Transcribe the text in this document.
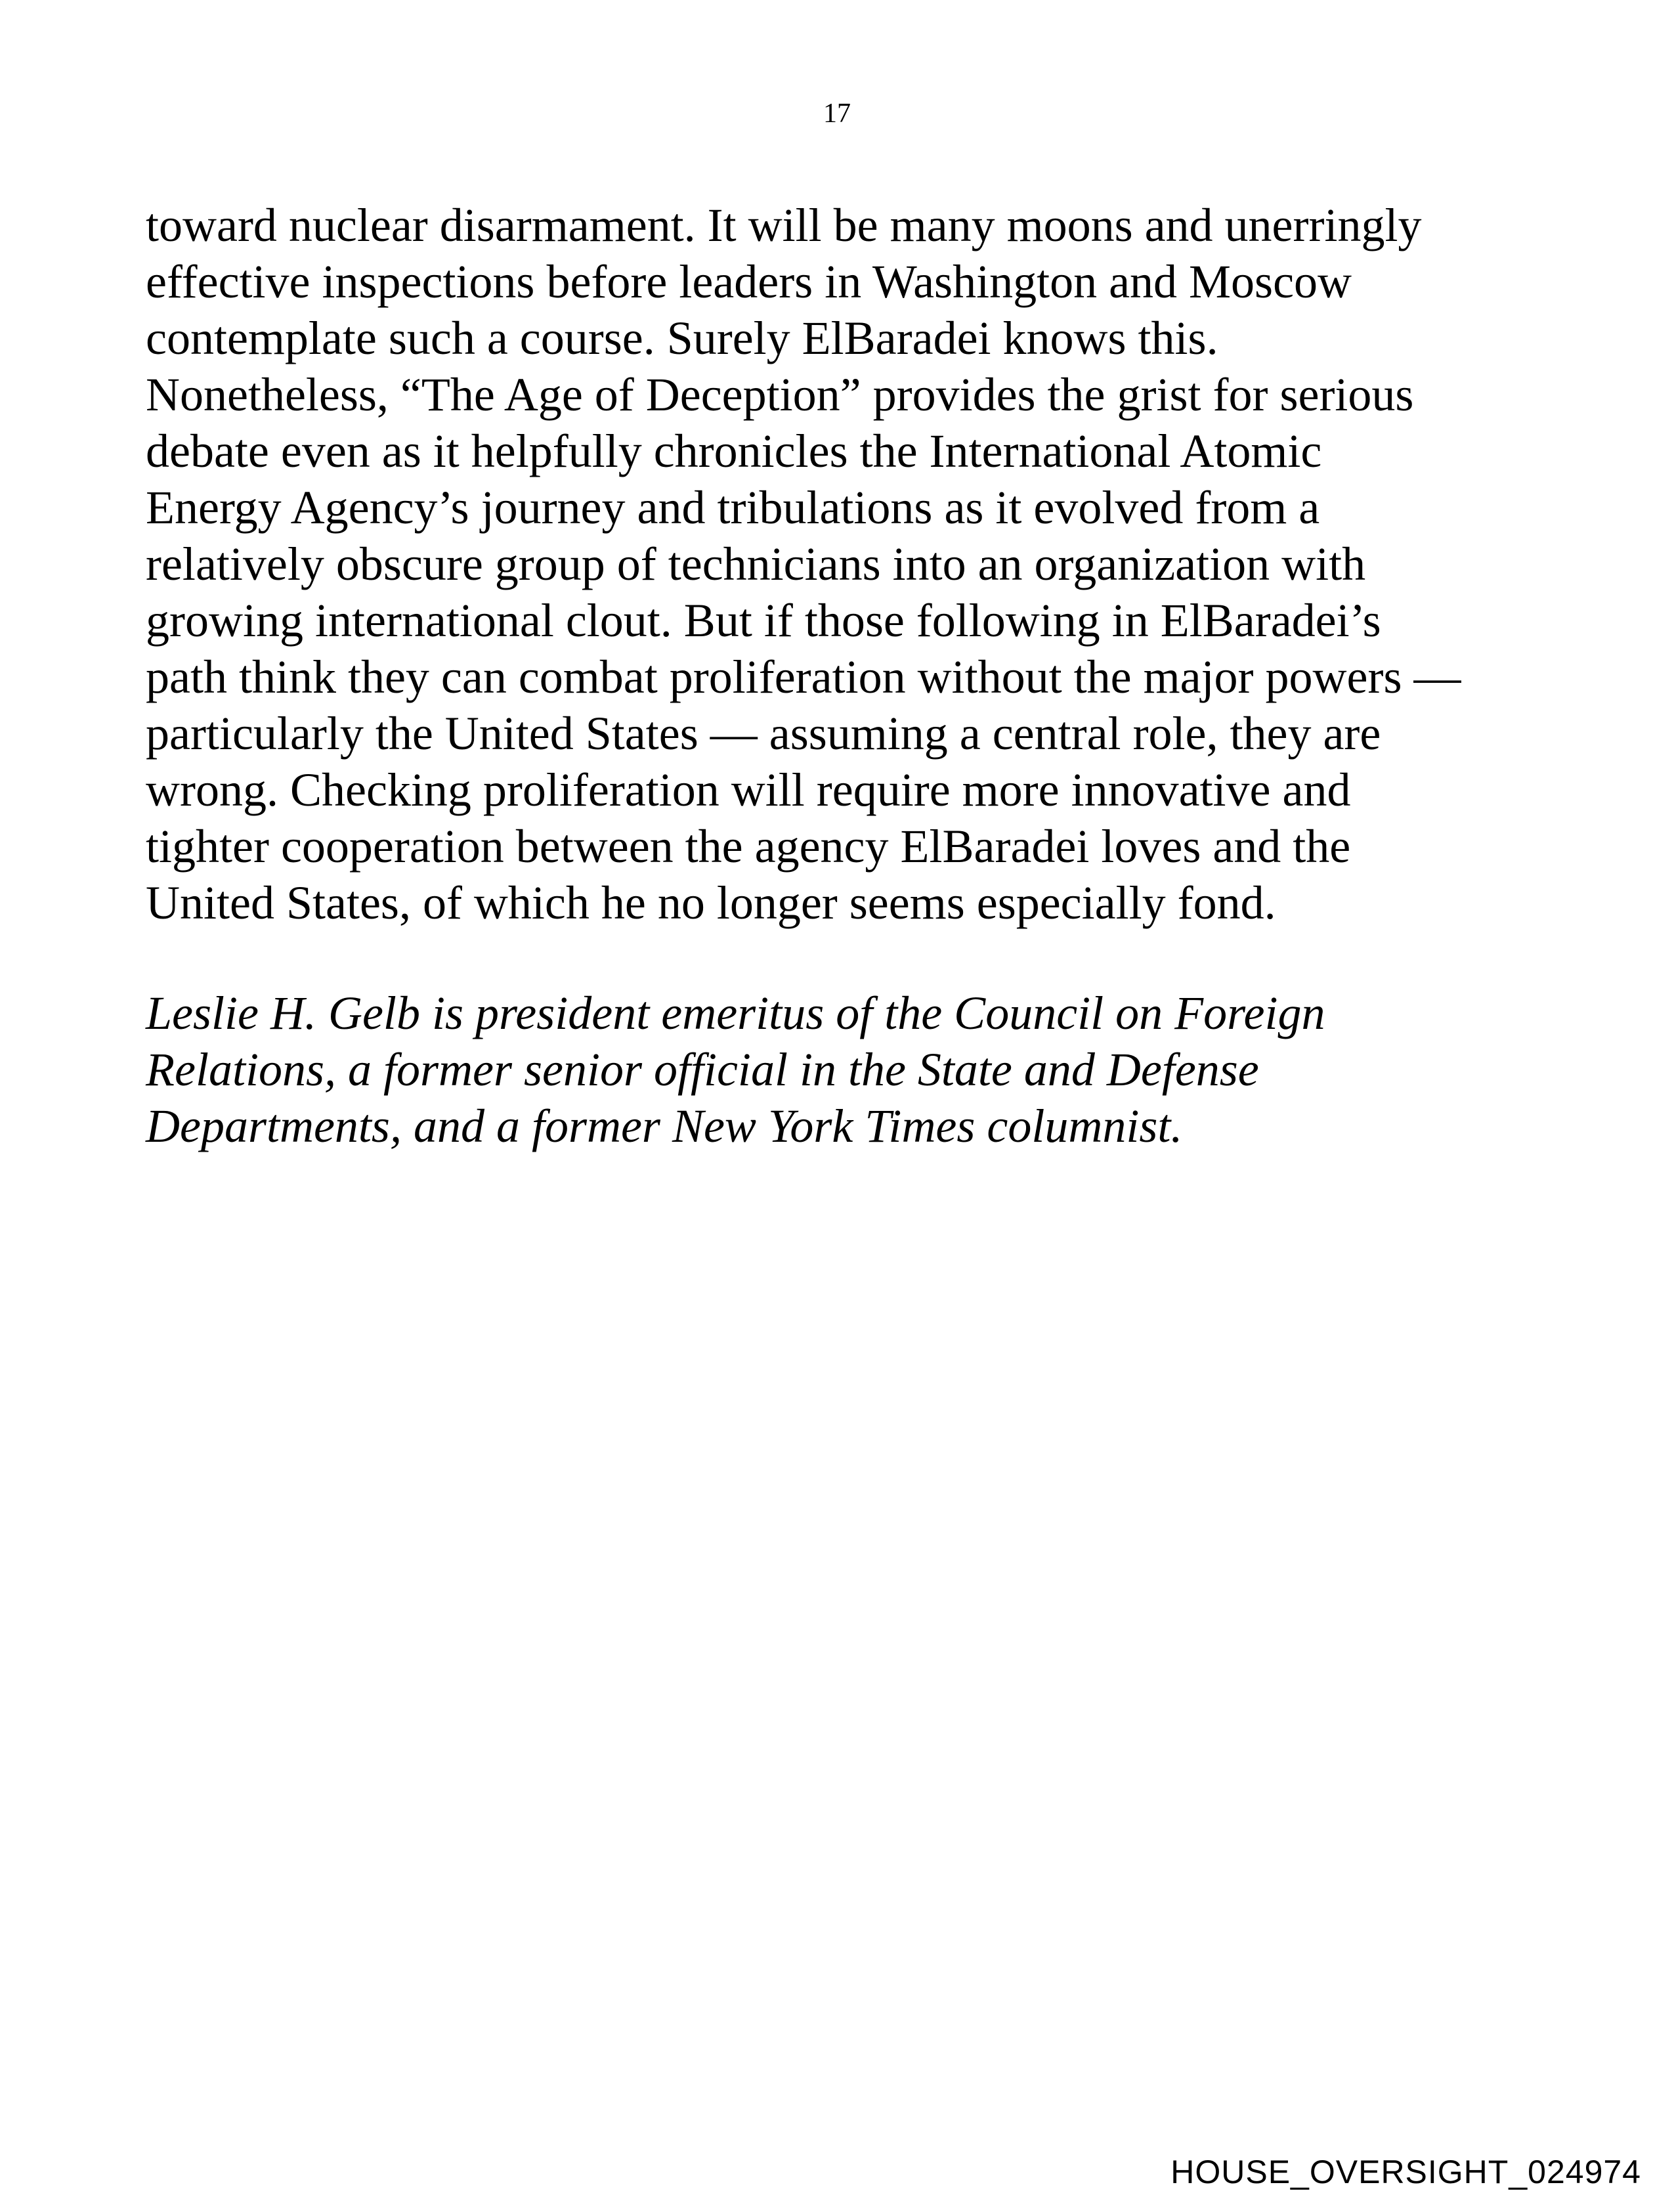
17

toward nuclear disarmament. It will be many moons and unerringly
effective inspections before leaders in Washington and Moscow
contemplate such a course. Surely ElBaradei knows this.
Nonetheless, “The Age of Deception” provides the grist for serious
debate even as it helpfully chronicles the International Atomic
Energy Agency’s journey and tribulations as it evolved from a
relatively obscure group of technicians into an organization with
growing international clout. But if those following in ElBaradei’s
path think they can combat proliferation without the major powers —
particularly the United States — assuming a central role, they are
wrong. Checking proliferation will require more innovative and
tighter cooperation between the agency ElBaradei loves and the
United States, of which he no longer seems especially fond.

Leslie H. Gelb is president emeritus of the Council on Foreign
Relations, a former senior official in the State and Defense
Departments, and a former New York Times columnist.

HOUSE_OVERSIGHT_024974
